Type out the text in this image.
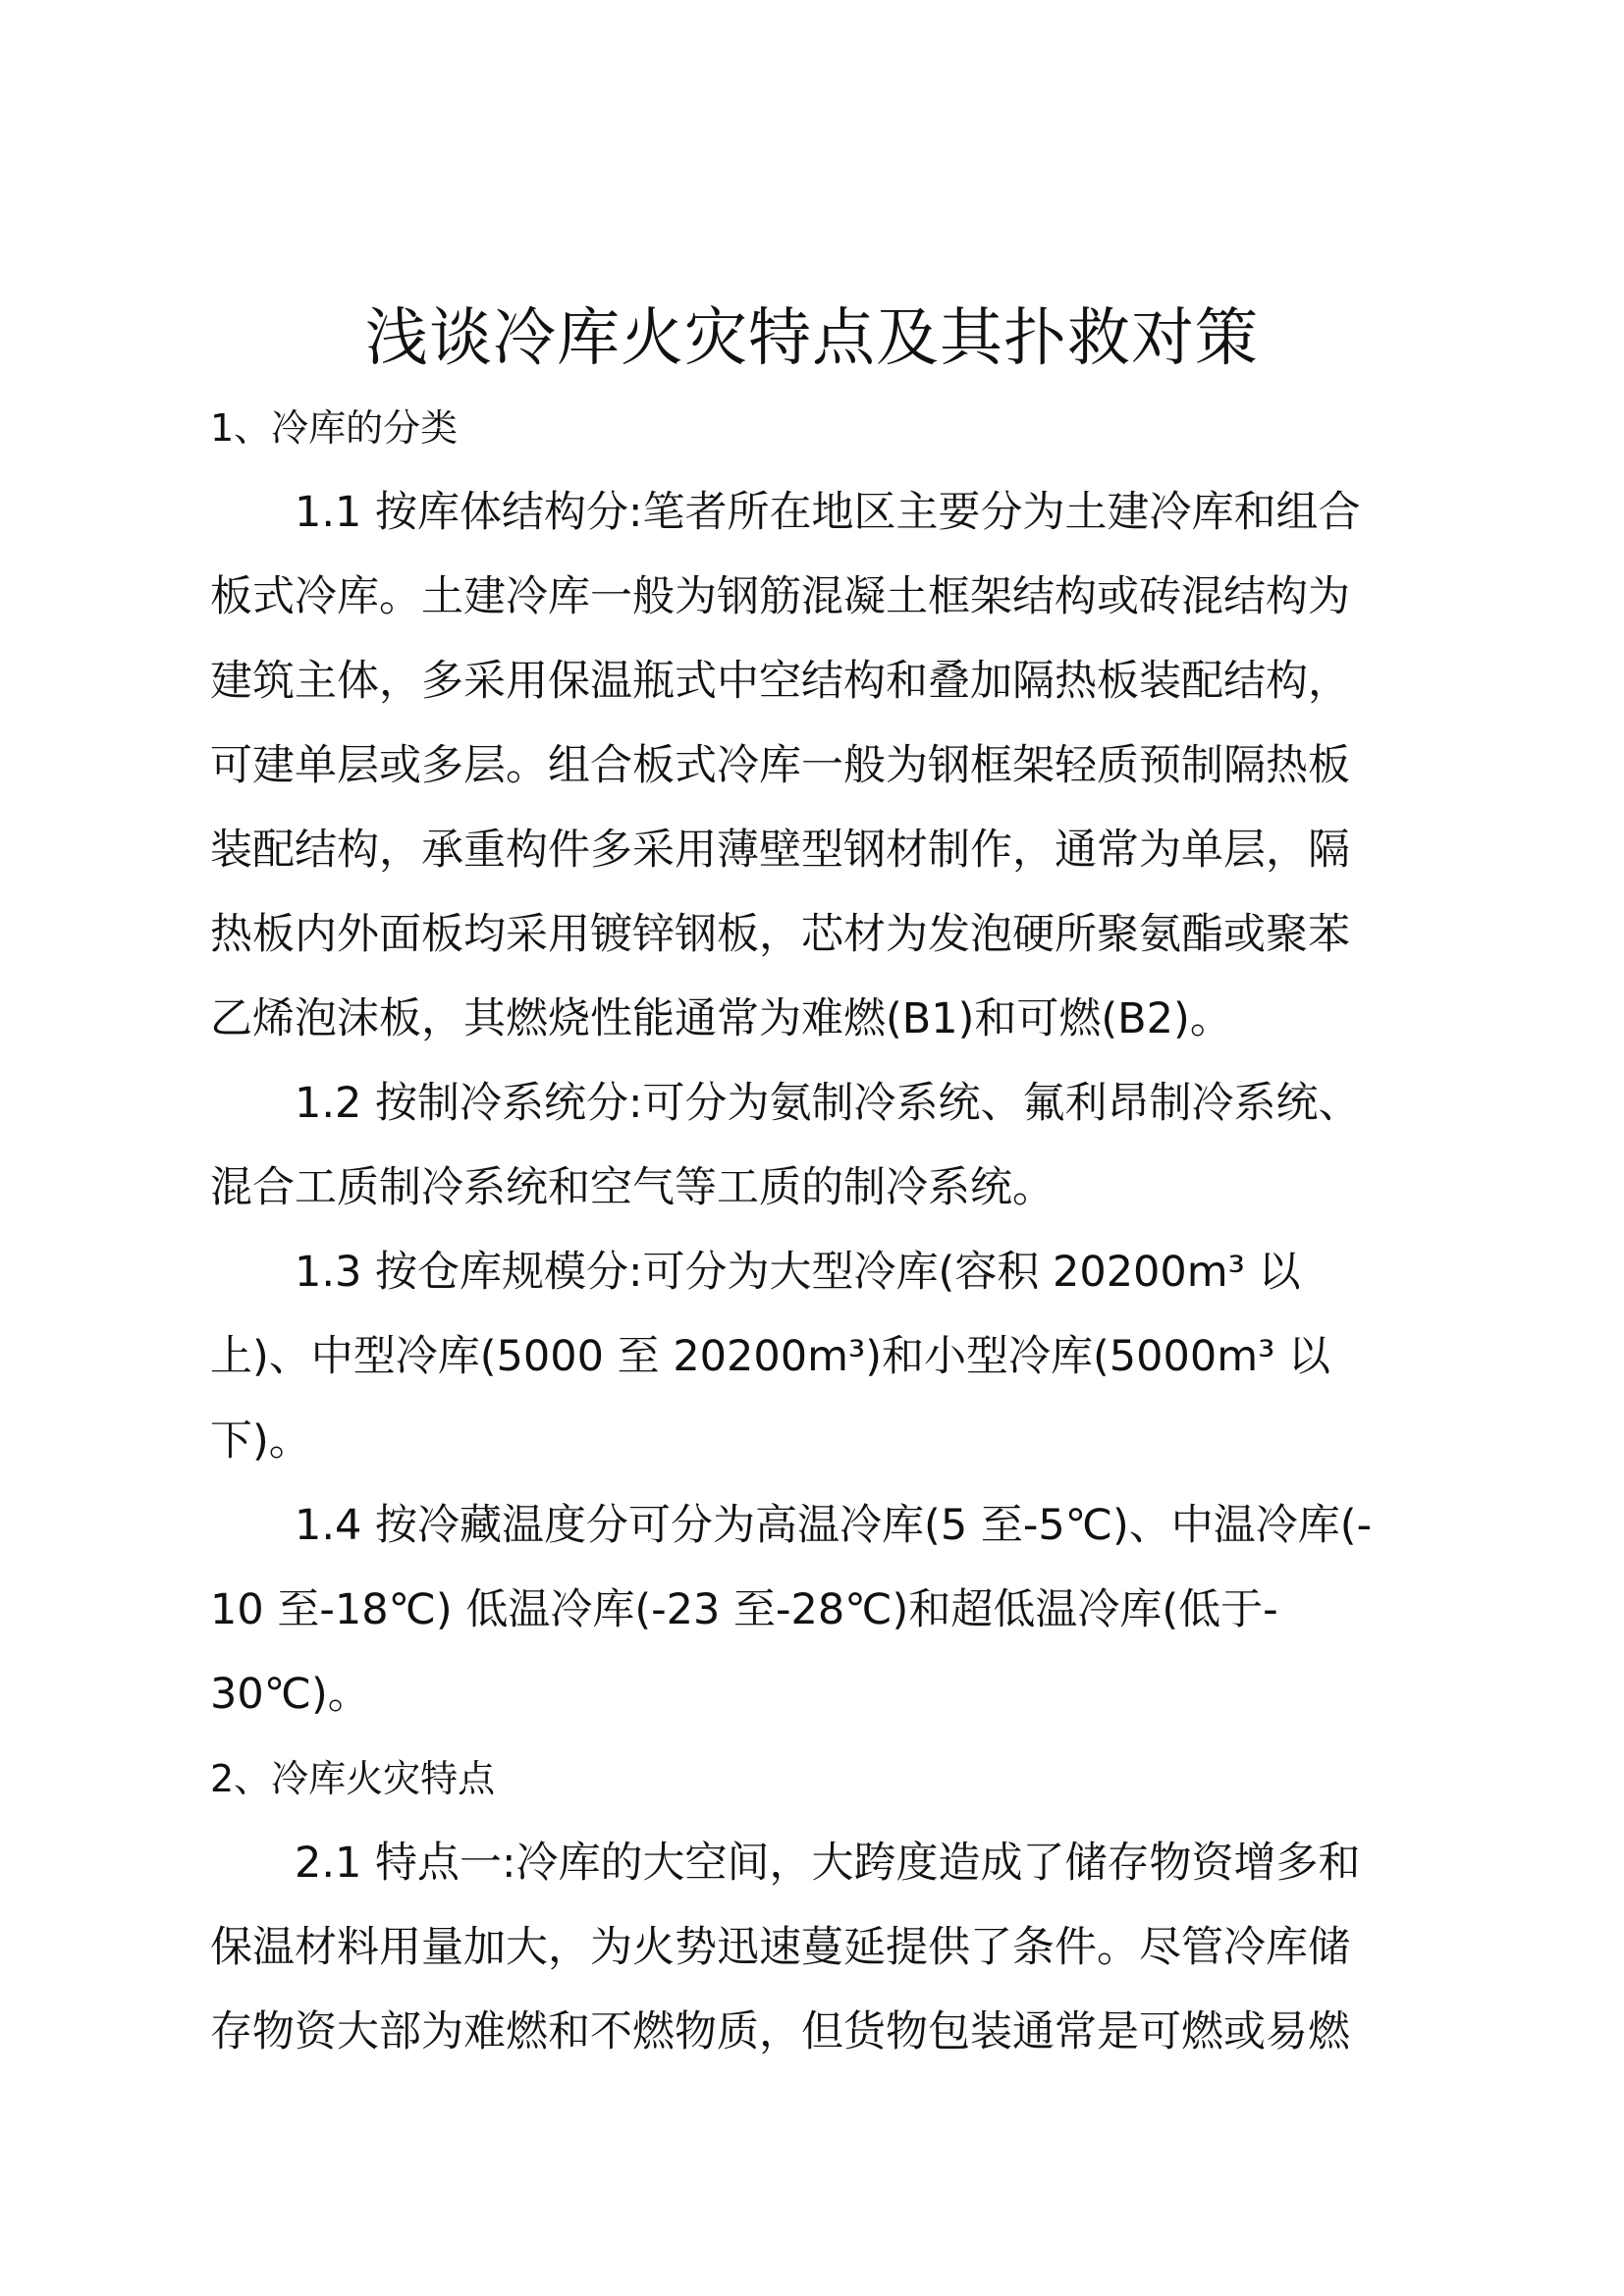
浅谈冷库火灾特点及其扑救对策

1、冷库的分类

　　1.1 按库体结构分:笔者所在地区主要分为土建冷库和组合

板式冷库。土建冷库一般为钢筋混凝土框架结构或砖混结构为

建筑主体，多采用保温瓶式中空结构和叠加隔热板装配结构，

可建单层或多层。组合板式冷库一般为钢框架轻质预制隔热板

装配结构，承重构件多采用薄壁型钢材制作，通常为单层，隔

热板内外面板均采用镀锌钢板，芯材为发泡硬所聚氨酯或聚苯

乙烯泡沫板，其燃烧性能通常为难燃(B1)和可燃(B2)。

　　1.2 按制冷系统分:可分为氨制冷系统、氟利昂制冷系统、

混合工质制冷系统和空气等工质的制冷系统。

　　1.3 按仓库规模分:可分为大型冷库(容积 20200m³ 以

上)、中型冷库(5000 至 20200m³)和小型冷库(5000m³ 以

下)。

　　1.4 按冷藏温度分可分为高温冷库(5 至-5℃)、中温冷库(-

10 至-18℃) 低温冷库(-23 至-28℃)和超低温冷库(低于-

30℃)。

2、冷库火灾特点

　　2.1 特点一:冷库的大空间，大跨度造成了储存物资增多和

保温材料用量加大，为火势迅速蔓延提供了条件。尽管冷库储

存物资大部为难燃和不燃物质，但货物包装通常是可燃或易燃
